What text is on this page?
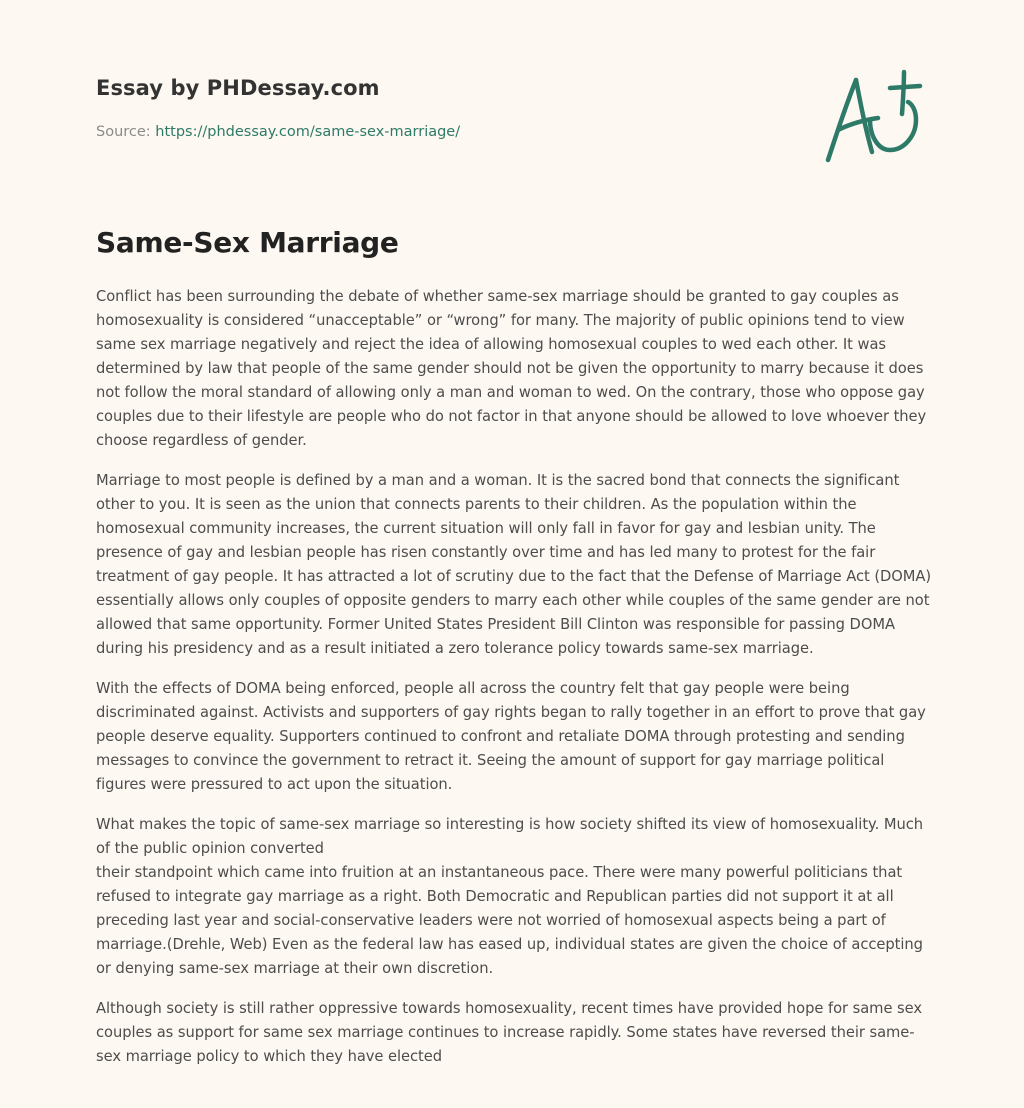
Essay by PHDessay.com

Source: https://phdessay.com/same-sex-marriage/

Same-Sex Marriage

Conflict has been surrounding the debate of whether same-sex marriage should be granted to gay couples as homosexuality is considered “unacceptable” or “wrong” for many. The majority of public opinions tend to view same sex marriage negatively and reject the idea of allowing homosexual couples to wed each other. It was determined by law that people of the same gender should not be given the opportunity to marry because it does not follow the moral standard of allowing only a man and woman to wed. On the contrary, those who oppose gay couples due to their lifestyle are people who do not factor in that anyone should be allowed to love whoever they choose regardless of gender.

Marriage to most people is defined by a man and a woman. It is the sacred bond that connects the significant other to you. It is seen as the union that connects parents to their children. As the population within the homosexual community increases, the current situation will only fall in favor for gay and lesbian unity. The presence of gay and lesbian people has risen constantly over time and has led many to protest for the fair treatment of gay people. It has attracted a lot of scrutiny due to the fact that the Defense of Marriage Act (DOMA) essentially allows only couples of opposite genders to marry each other while couples of the same gender are not allowed that same opportunity. Former United States President Bill Clinton was responsible for passing DOMA during his presidency and as a result initiated a zero tolerance policy towards same-sex marriage.

With the effects of DOMA being enforced, people all across the country felt that gay people were being discriminated against. Activists and supporters of gay rights began to rally together in an effort to prove that gay people deserve equality. Supporters continued to confront and retaliate DOMA through protesting and sending messages to convince the government to retract it. Seeing the amount of support for gay marriage political figures were pressured to act upon the situation.

What makes the topic of same-sex marriage so interesting is how society shifted its view of homosexuality. Much of the public opinion converted
their standpoint which came into fruition at an instantaneous pace. There were many powerful politicians that refused to integrate gay marriage as a right. Both Democratic and Republican parties did not support it at all preceding last year and social-conservative leaders were not worried of homosexual aspects being a part of marriage.(Drehle, Web) Even as the federal law has eased up, individual states are given the choice of accepting or denying same-sex marriage at their own discretion.

Although society is still rather oppressive towards homosexuality, recent times have provided hope for same sex couples as support for same sex marriage continues to increase rapidly. Some states have reversed their same-sex marriage policy to which they have elected
